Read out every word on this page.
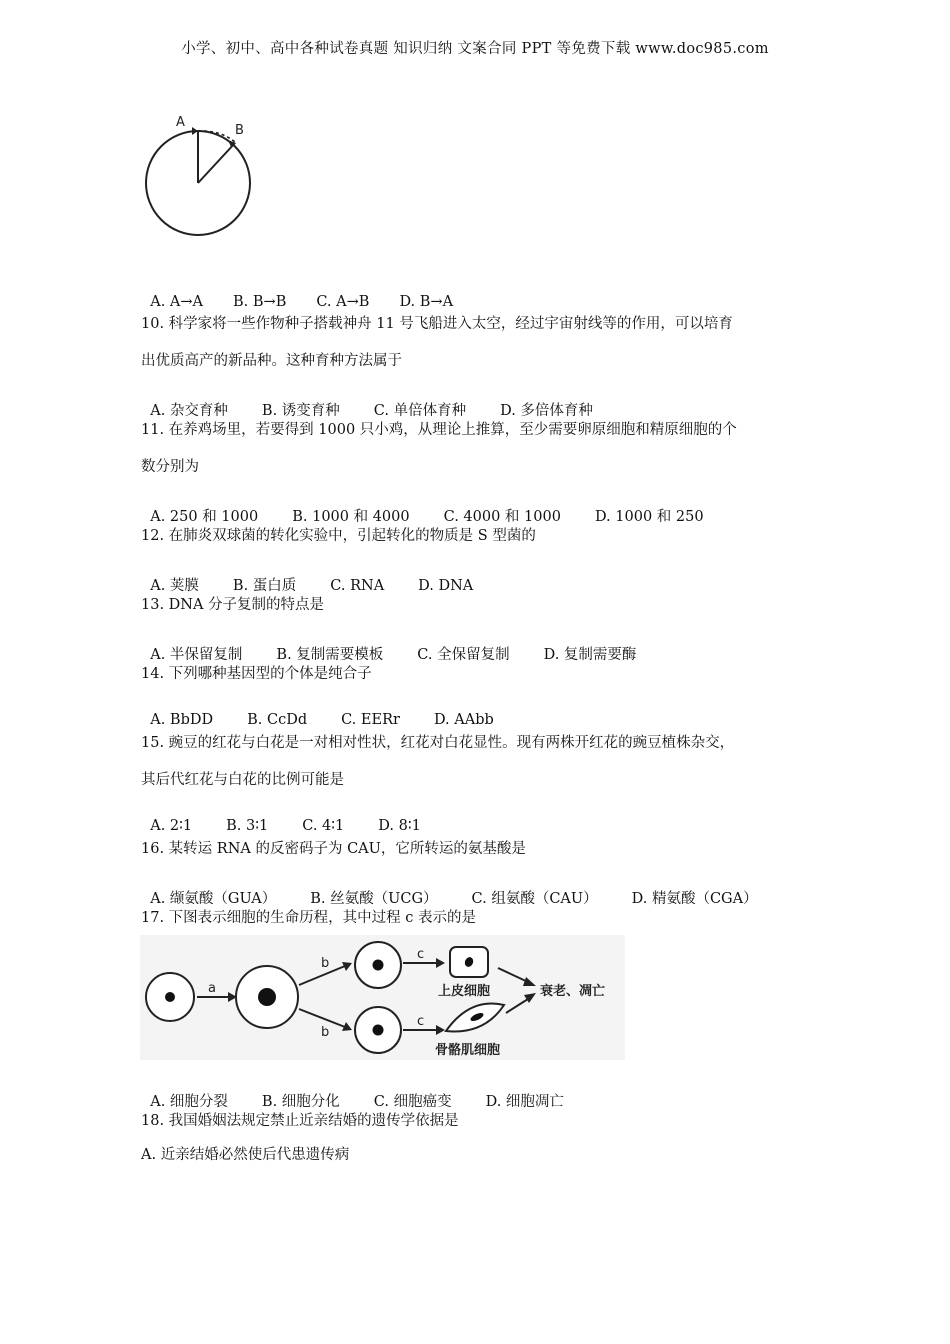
小学、初中、高中各种试卷真题 知识归纳 文案合同 PPT 等免费下载 www.doc985.com
A
B

A. A→A B. B→B C. A→B D. B→A

10. 科学家将一些作物种子搭载神舟 11 号飞船进入太空，经过宇宙射线等的作用，可以培育
出优质高产的新品种。这种育种方法属于

A. 杂交育种 B. 诱变育种 C. 单倍体育种 D. 多倍体育种

11. 在养鸡场里，若要得到 1000 只小鸡，从理论上推算，至少需要卵原细胞和精原细胞的个
数分别为

A. 250 和 1000 B. 1000 和 4000 C. 4000 和 1000 D. 1000 和 250

12. 在肺炎双球菌的转化实验中，引起转化的物质是 S 型菌的

A. 荚膜 B. 蛋白质 C. RNA D. DNA

13. DNA 分子复制的特点是

A. 半保留复制 B. 复制需要模板 C. 全保留复制 D. 复制需要酶

14. 下列哪种基因型的个体是纯合子

A. BbDD B. CcDd C. EERr D. AAbb

15. 豌豆的红花与白花是一对相对性状，红花对白花显性。现有两株开红花的豌豆植株杂交，
其后代红花与白花的比例可能是

A. 2∶1 B. 3∶1 C. 4∶1 D. 8∶1

16. 某转运 RNA 的反密码子为 CAU，它所转运的氨基酸是

A. 缬氨酸（GUA） B. 丝氨酸（UCG） C. 组氨酸（CAU） D. 精氨酸（CGA）

17. 下图表示细胞的生命历程，其中过程 c 表示的是
a
b
b
c
c
上皮细胞
骨骼肌细胞
衰老、凋亡

A. 细胞分裂 B. 细胞分化 C. 细胞癌变 D. 细胞凋亡

18. 我国婚姻法规定禁止近亲结婚的遗传学依据是
A. 近亲结婚必然使后代患遗传病
